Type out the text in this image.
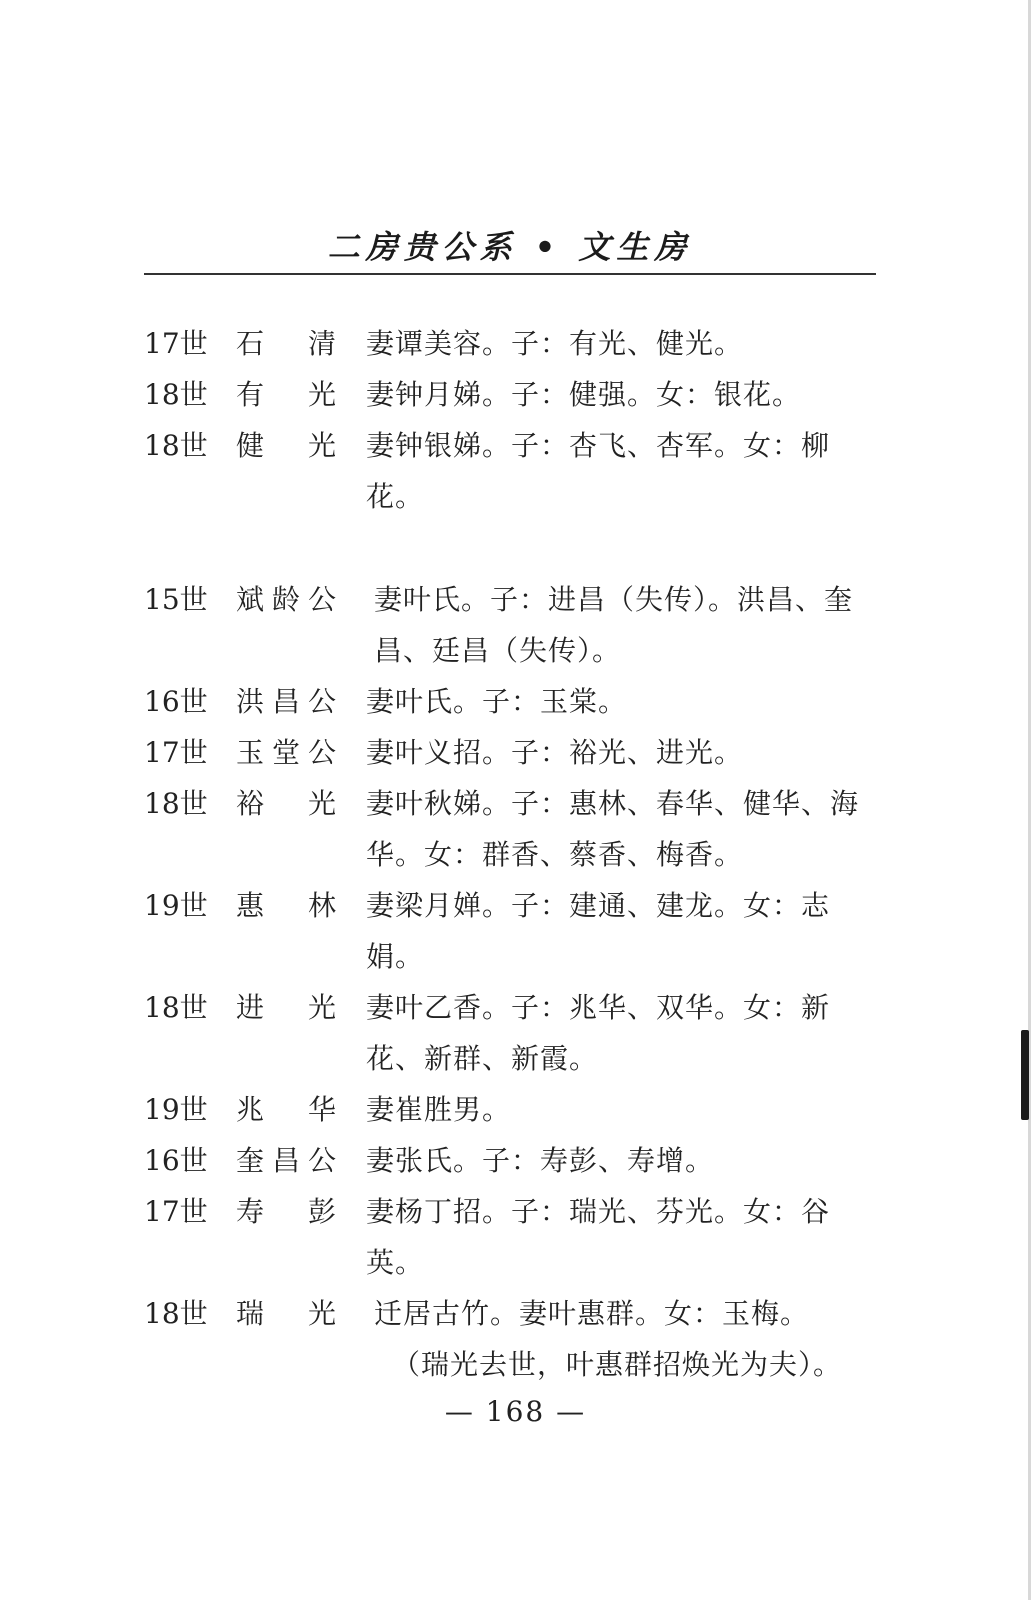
二房贵公系 • 文生房
17世	石　清 妻谭美容。子：有光、健光。
18世	有　光 妻钟月娣。子：健强。女：银花。
18世	健　光 妻钟银娣。子：杏飞、杏军。女：柳花。
15世	斌龄公 妻叶氏。子：进昌（失传）。洪昌、奎昌、廷昌（失传）。
16世	洪昌公 妻叶氏。子：玉棠。
17世	玉堂公 妻叶义招。子：裕光、进光。
18世	裕　光 妻叶秋娣。子：惠林、春华、健华、海华。女：群香、蔡香、梅香。
19世	惠　林 妻梁月婵。子：建通、建龙。女：志娟。
18世	进　光 妻叶乙香。子：兆华、双华。女：新花、新群、新霞。
19世	兆　华 妻崔胜男。
16世	奎昌公 妻张氏。子：寿彭、寿增。
17世	寿　彭 妻杨丁招。子：瑞光、芬光。女：谷英。
18世	瑞　光 迁居古竹。妻叶惠群。女：玉梅。
（瑞光去世，叶惠群招焕光为夫）。
— 168 —
